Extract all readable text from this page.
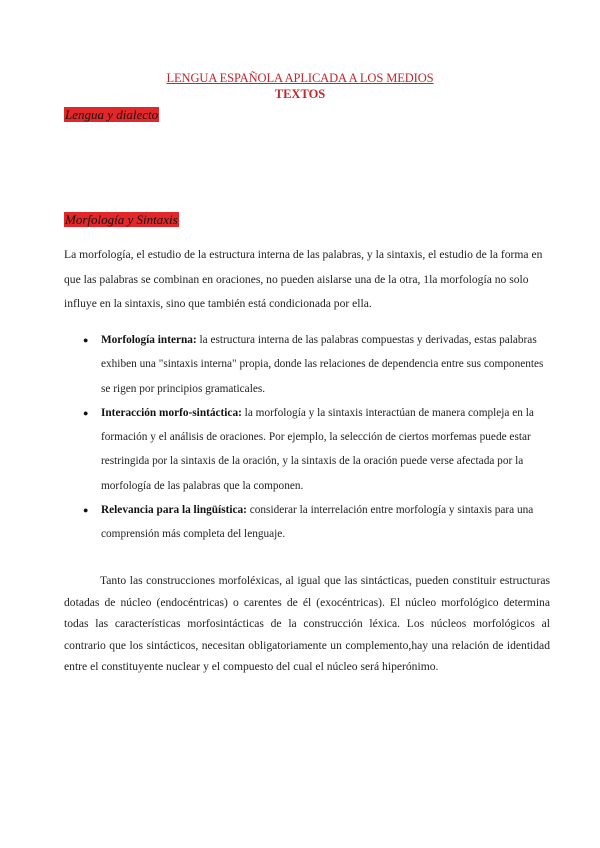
LENGUA ESPAÑOLA APLICADA A LOS MEDIOS
TEXTOS
Lengua y dialecto
Morfología y Sintaxis

La morfología, el estudio de la estructura interna de las palabras, y la sintaxis, el estudio de la forma en que las palabras se combinan en oraciones, no pueden aislarse una de la otra, 1la morfología no solo influye en la sintaxis, sino que también está condicionada por ella.

● Morfología interna: la estructura interna de las palabras compuestas y derivadas, estas palabras exhiben una "sintaxis interna" propia, donde las relaciones de dependencia entre sus componentes se rigen por principios gramaticales.
● Interacción morfo-sintáctica: la morfología y la sintaxis interactúan de manera compleja en la formación y el análisis de oraciones. Por ejemplo, la selección de ciertos morfemas puede estar restringida por la sintaxis de la oración, y la sintaxis de la oración puede verse afectada por la morfología de las palabras que la componen.
● Relevancia para la lingüística: considerar la interrelación entre morfología y sintaxis para una comprensión más completa del lenguaje.

Tanto las construcciones morfoléxicas, al igual que las sintácticas, pueden constituir estructuras dotadas de núcleo (endocéntricas) o carentes de él (exocéntricas). El núcleo morfológico determina todas las características morfosintácticas de la construcción léxica. Los núcleos morfológicos al contrario que los sintácticos, necesitan obligatoriamente un complemento,hay una relación de identidad entre el constituyente nuclear y el compuesto del cual el núcleo será hiperónimo.
